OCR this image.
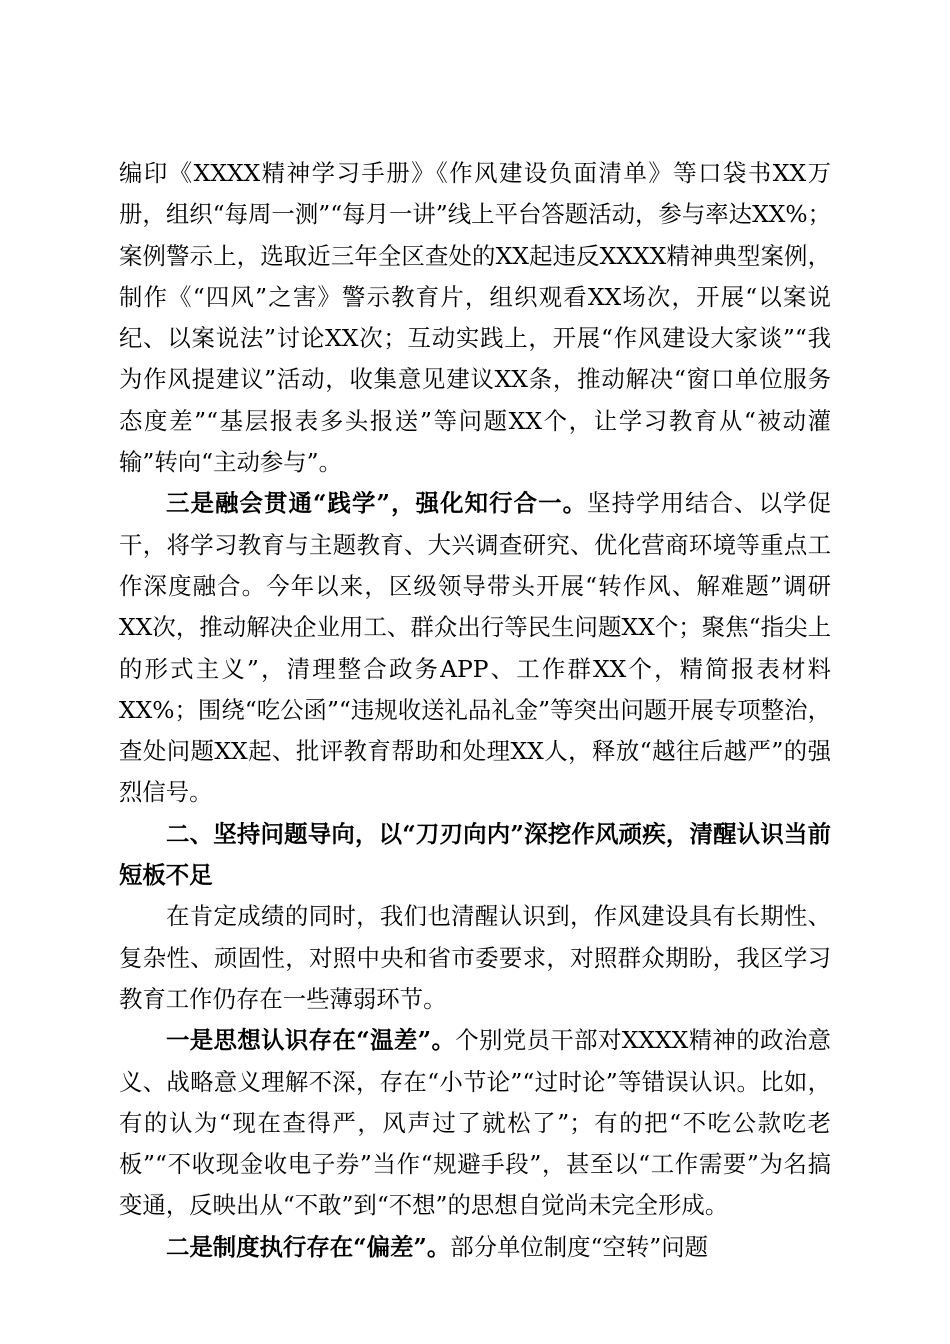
编印《XXXX精神学习手册》《作风建设负面清单》等口袋书XX万册，组织“每周一测”“每月一讲”线上平台答题活动，参与率达XX%；案例警示上，选取近三年全区查处的XX起违反XXXX精神典型案例，制作《“四风”之害》警示教育片，组织观看XX场次，开展“以案说纪、以案说法”讨论XX次；互动实践上，开展“作风建设大家谈”“我为作风提建议”活动，收集意见建议XX条，推动解决“窗口单位服务态度差”“基层报表多头报送”等问题XX个，让学习教育从“被动灌输”转向“主动参与”。

三是融会贯通“践学”，强化知行合一。坚持学用结合、以学促干，将学习教育与主题教育、大兴调查研究、优化营商环境等重点工作深度融合。今年以来，区级领导带头开展“转作风、解难题”调研XX次，推动解决企业用工、群众出行等民生问题XX个；聚焦“指尖上的形式主义”，清理整合政务APP、工作群XX个，精简报表材料XX%；围绕“吃公函”“违规收送礼品礼金”等突出问题开展专项整治，查处问题XX起、批评教育帮助和处理XX人，释放“越往后越严”的强烈信号。

二、坚持问题导向，以“刀刃向内”深挖作风顽疾，清醒认识当前短板不足

在肯定成绩的同时，我们也清醒认识到，作风建设具有长期性、复杂性、顽固性，对照中央和省市委要求，对照群众期盼，我区学习教育工作仍存在一些薄弱环节。

一是思想认识存在“温差”。个别党员干部对XXXX精神的政治意义、战略意义理解不深，存在“小节论”“过时论”等错误认识。比如，有的认为“现在查得严，风声过了就松了”；有的把“不吃公款吃老板”“不收现金收电子券”当作“规避手段”，甚至以“工作需要”为名搞变通，反映出从“不敢”到“不想”的思想自觉尚未完全形成。

二是制度执行存在“偏差”。部分单位制度“空转”问题
